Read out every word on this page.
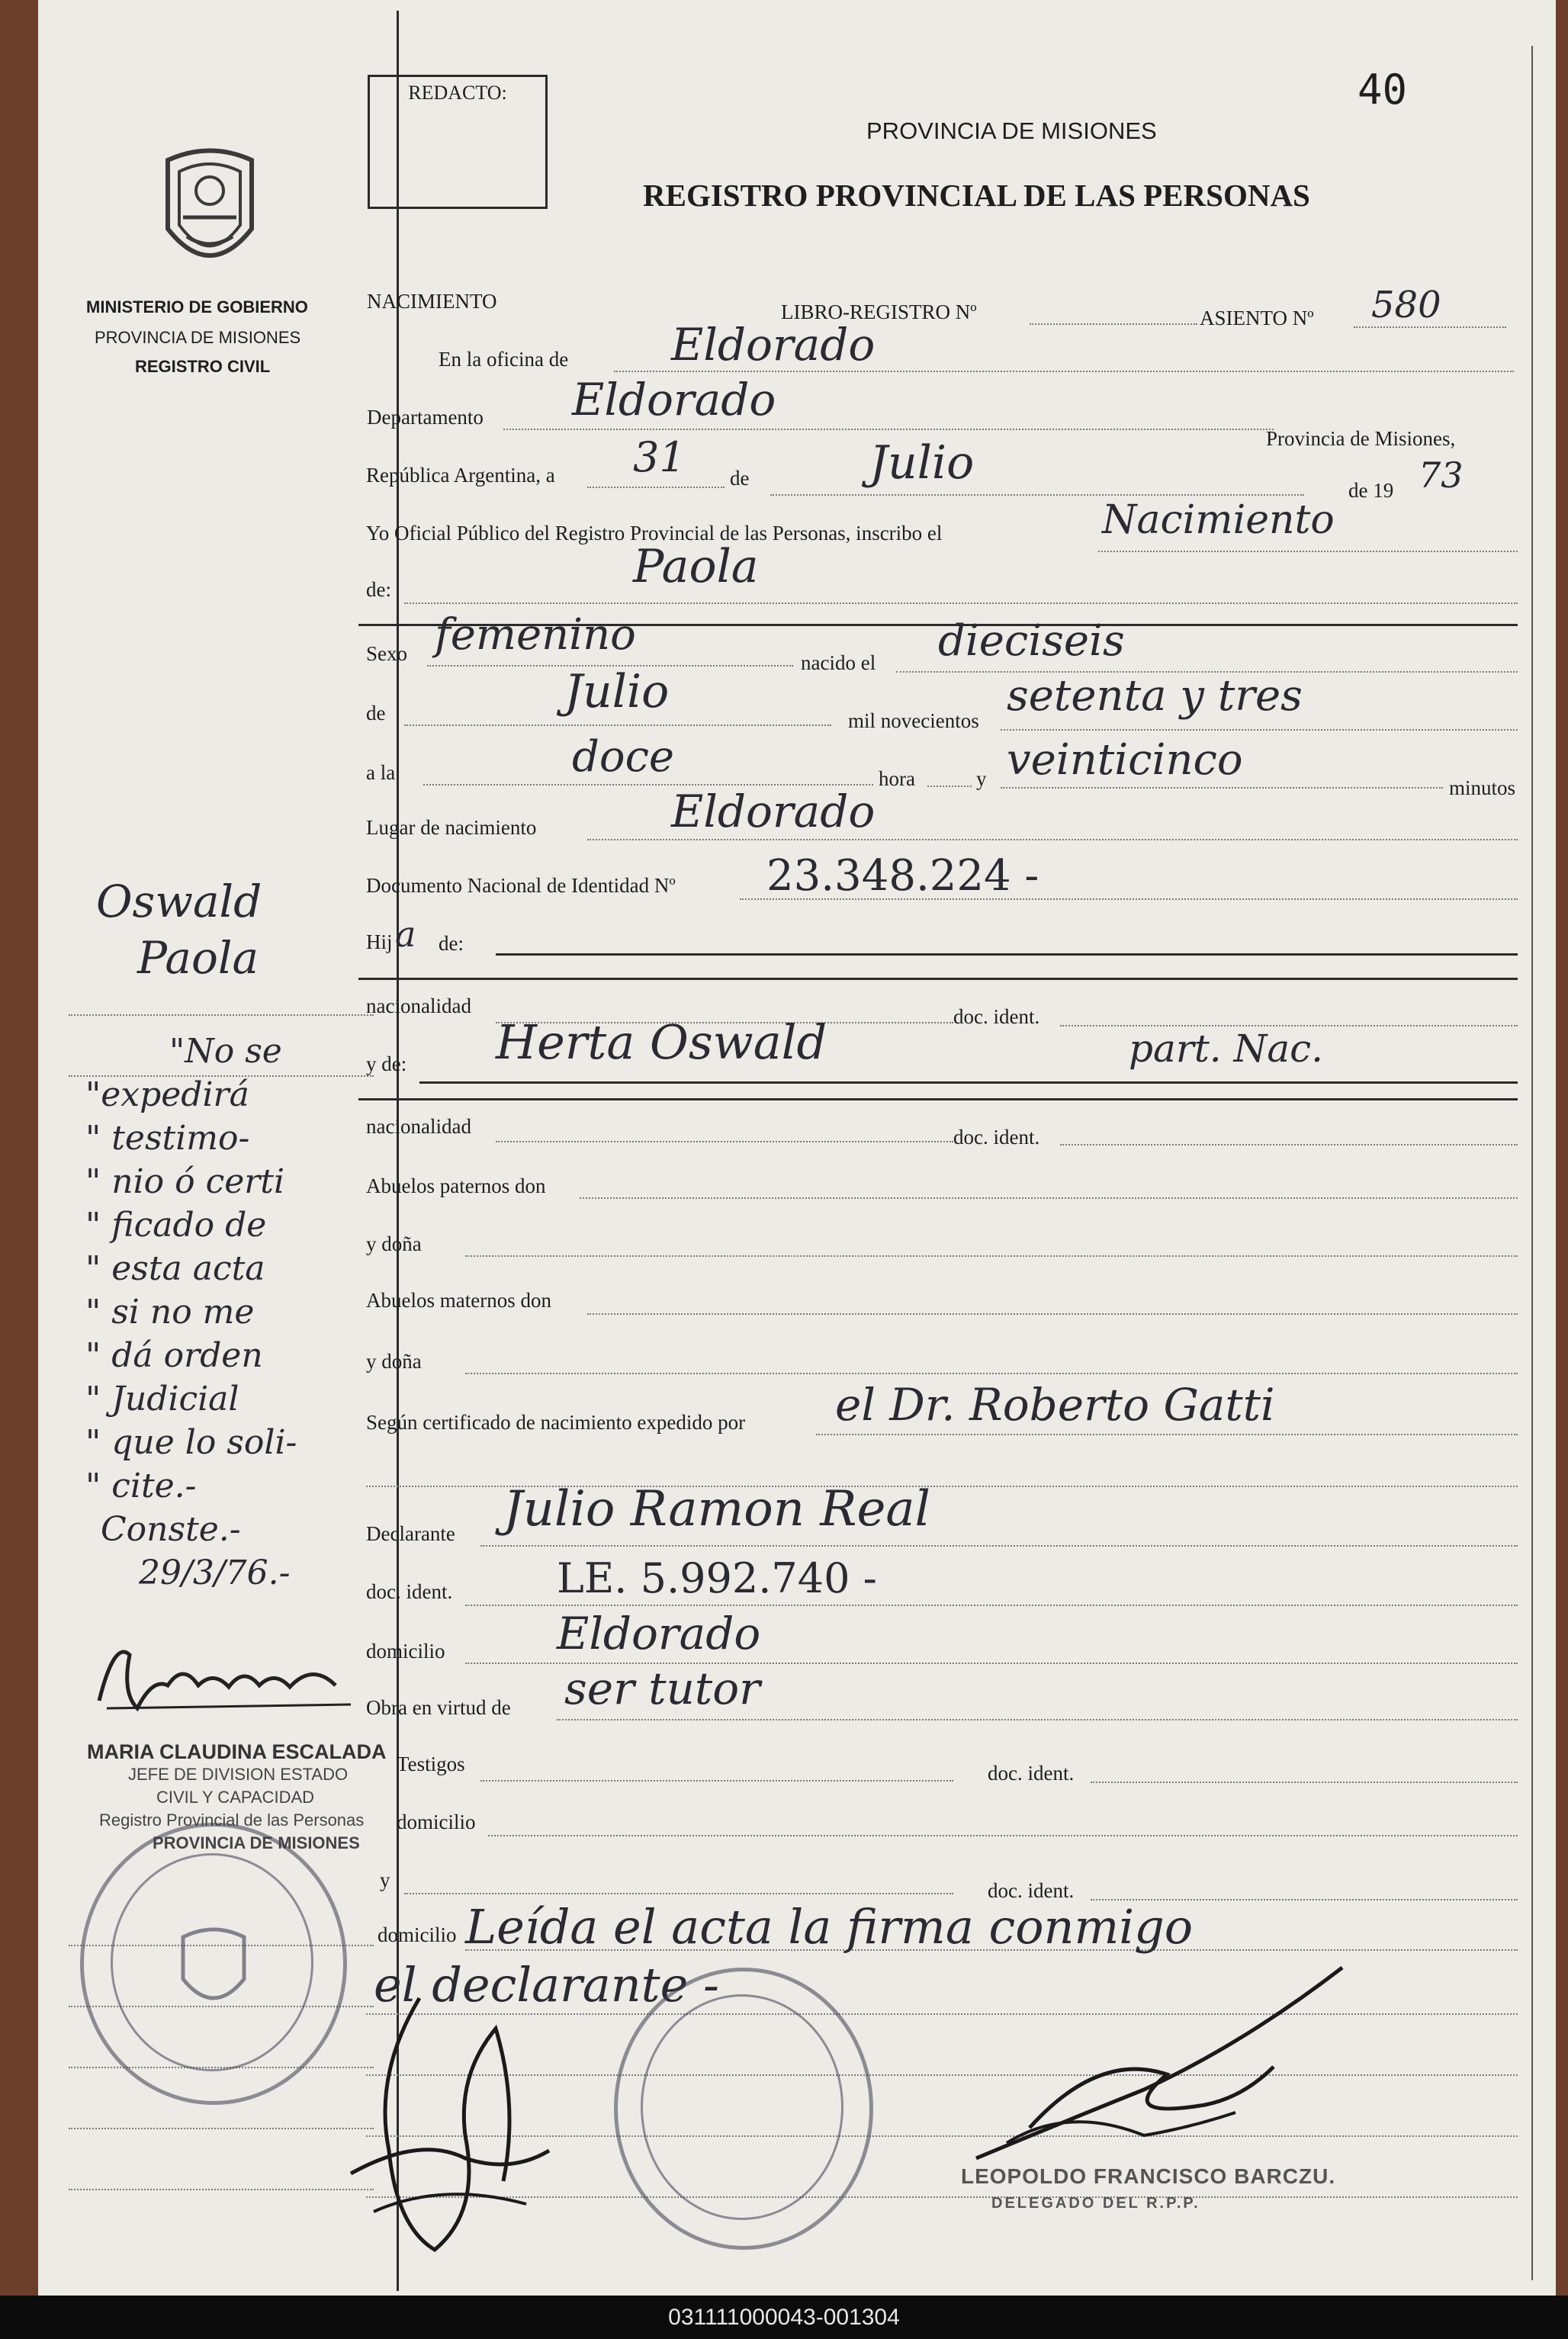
REDACTO:	40
PROVINCIA DE MISIONES
REGISTRO PROVINCIAL DE LAS PERSONAS
MINISTERIO DE GOBIERNO
PROVINCIA DE MISIONES
REGISTRO CIVIL
NACIMIENTO	LIBRO-REGISTRO Nº	ASIENTO Nº 580
En la oficina de Eldorado
Departamento Eldorado
Provincia de Misiones,
República Argentina, a 31 de	Julio
de 19 73
Yo Oficial Público del Registro Provincial de las Personas, inscribo el	Nacimiento
de:	Paola
Sexo femenino
nacido el dieciseis
de	Julio
mil novecientos setenta y tres
a la	doce	hora	y veinticinco
minutos
Lugar de nacimiento	Eldorado
Documento Nacional de Identidad Nº 23.348.224 -
Hij a de:
nacionalidad	doc. ident.
y de: Herta Oswald	part. Nac.
nacionalidad	doc. ident.
Abuelos paternos don
y doña
Abuelos maternos don
y doña
Según certificado de nacimiento expedido por el Dr. Roberto Gatti
Declarante Julio Ramon Real
doc. ident.	LE. 5.992.740 -
domicilio	Eldorado
Obra en virtud de ser tutor
Testigos	doc. ident.
domicilio
y	doc. ident.
domicilio Leída el acta la firma conmigo
el declarante -
Oswald
Paola
"No se
"expedirá
" testimo-
" nio ó certi
" ficado de
" esta acta
" si no me
" dá orden
" Judicial
" que lo soli-
" cite.-
Conste.-
29/3/76.-
MARIA CLAUDINA ESCALADA
JEFE DE DIVISION ESTADO
CIVIL Y CAPACIDAD
Registro Provincial de las Personas
PROVINCIA DE MISIONES
LEOPOLDO FRANCISCO BARCZU.
DELEGADO DEL R.P.P.
031111000043-001304
